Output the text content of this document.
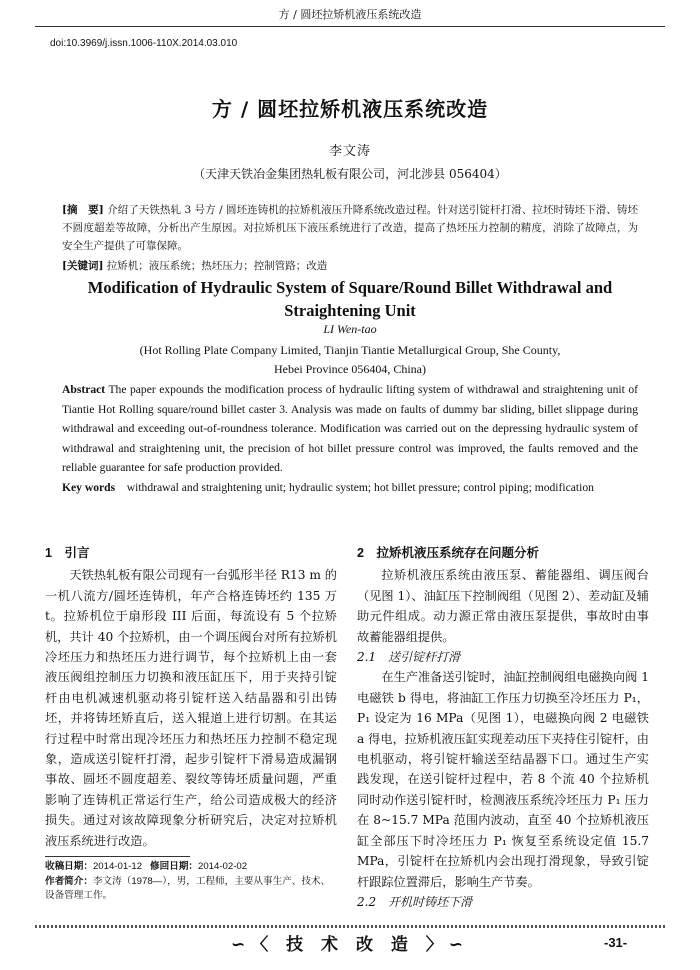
方 / 圆坯拉矫机液压系统改造
doi:10.3969/j.issn.1006-110X.2014.03.010
方 / 圆坯拉矫机液压系统改造
李文涛
（天津天铁冶金集团热轧板有限公司，河北涉县 056404）
[摘　要] 介绍了天铁热轧 3 号方 / 圆坯连铸机的拉矫机液压升降系统改造过程。针对送引锭杆打滑、拉坯时铸坯下滑、铸坯不圆度超差等故障，分析出产生原因。对拉矫机压下液压系统进行了改造，提高了热坯压力控制的精度，消除了故障点，为安全生产提供了可靠保障。
[关键词] 拉矫机；液压系统；热坯压力；控制管路；改造
Modification of Hydraulic System of Square/Round Billet Withdrawal and Straightening Unit
LI Wen-tao
(Hot Rolling Plate Company Limited, Tianjin Tiantie Metallurgical Group, She County,
Hebei Province 056404, China)
Abstract The paper expounds the modification process of hydraulic lifting system of withdrawal and straightening unit of Tiantie Hot Rolling square/round billet caster 3. Analysis was made on faults of dummy bar sliding, billet slippage during withdrawal and exceeding out-of-roundness tolerance. Modification was carried out on the depressing hydraulic system of withdrawal and straightening unit, the precision of hot billet pressure control was improved, the faults removed and the reliable guarantee for safe production provided.
Key words withdrawal and straightening unit; hydraulic system; hot billet pressure; control piping; modification
1　引言

天铁热轧板有限公司现有一台弧形半径 R13 m 的一机八流方/圆坯连铸机，年产合格连铸坯约 135 万 t。拉矫机位于扇形段 III 后面，每流设有 5 个拉矫机，共计 40 个拉矫机，由一个调压阀台对所有拉矫机冷坯压力和热坯压力进行调节，每个拉矫机上由一套液压阀组控制压力切换和液压缸压下，用于夹持引锭杆由电机减速机驱动将引锭杆送入结晶器和引出铸坯，并将铸坯矫直后，送入辊道上进行切割。在其运行过程中时常出现冷坯压力和热坯压力控制不稳定现象，造成送引锭杆打滑，起步引锭杆下滑易造成漏钢事故、圆坯不圆度超差、裂纹等铸坯质量问题，严重影响了连铸机正常运行生产，给公司造成极大的经济损失。通过对该故障现象分析研究后，决定对拉矫机液压系统进行改造。

收稿日期：2014-01-12 修回日期：2014-02-02
作者简介：李文涛（1978—），男，工程师，主要从事生产、技术、设备管理工作。
2　拉矫机液压系统存在问题分析

拉矫机液压系统由液压泵、蓄能器组、调压阀台（见图 1）、油缸压下控制阀组（见图 2）、差动缸及辅助元件组成。动力源正常由液压泵提供，事故时由事故蓄能器组提供。

2.1　送引锭杆打滑

在生产准备送引锭时，油缸控制阀组电磁换向阀 1 电磁铁 b 得电，将油缸工作压力切换至冷坯压力 P₁，P₁ 设定为 16 MPa（见图 1），电磁换向阀 2 电磁铁 a 得电，拉矫机液压缸实现差动压下夹持住引锭杆，由电机驱动，将引锭杆输送至结晶器下口。通过生产实践发现，在送引锭杆过程中，若 8 个流 40 个拉矫机同时动作送引锭杆时，检测液压系统冷坯压力 P₁ 压力在 8~15.7 MPa 范围内波动，直至 40 个拉矫机液压缸全部压下时冷坯压力 P₁ 恢复至系统设定值 15.7 MPa，引锭杆在拉矫机内会出现打滑现象，导致引锭杆跟踪位置滞后，影响生产节奏。

2.2　开机时铸坯下滑
∽〈 技 术 改 造 〉∽	-31-
